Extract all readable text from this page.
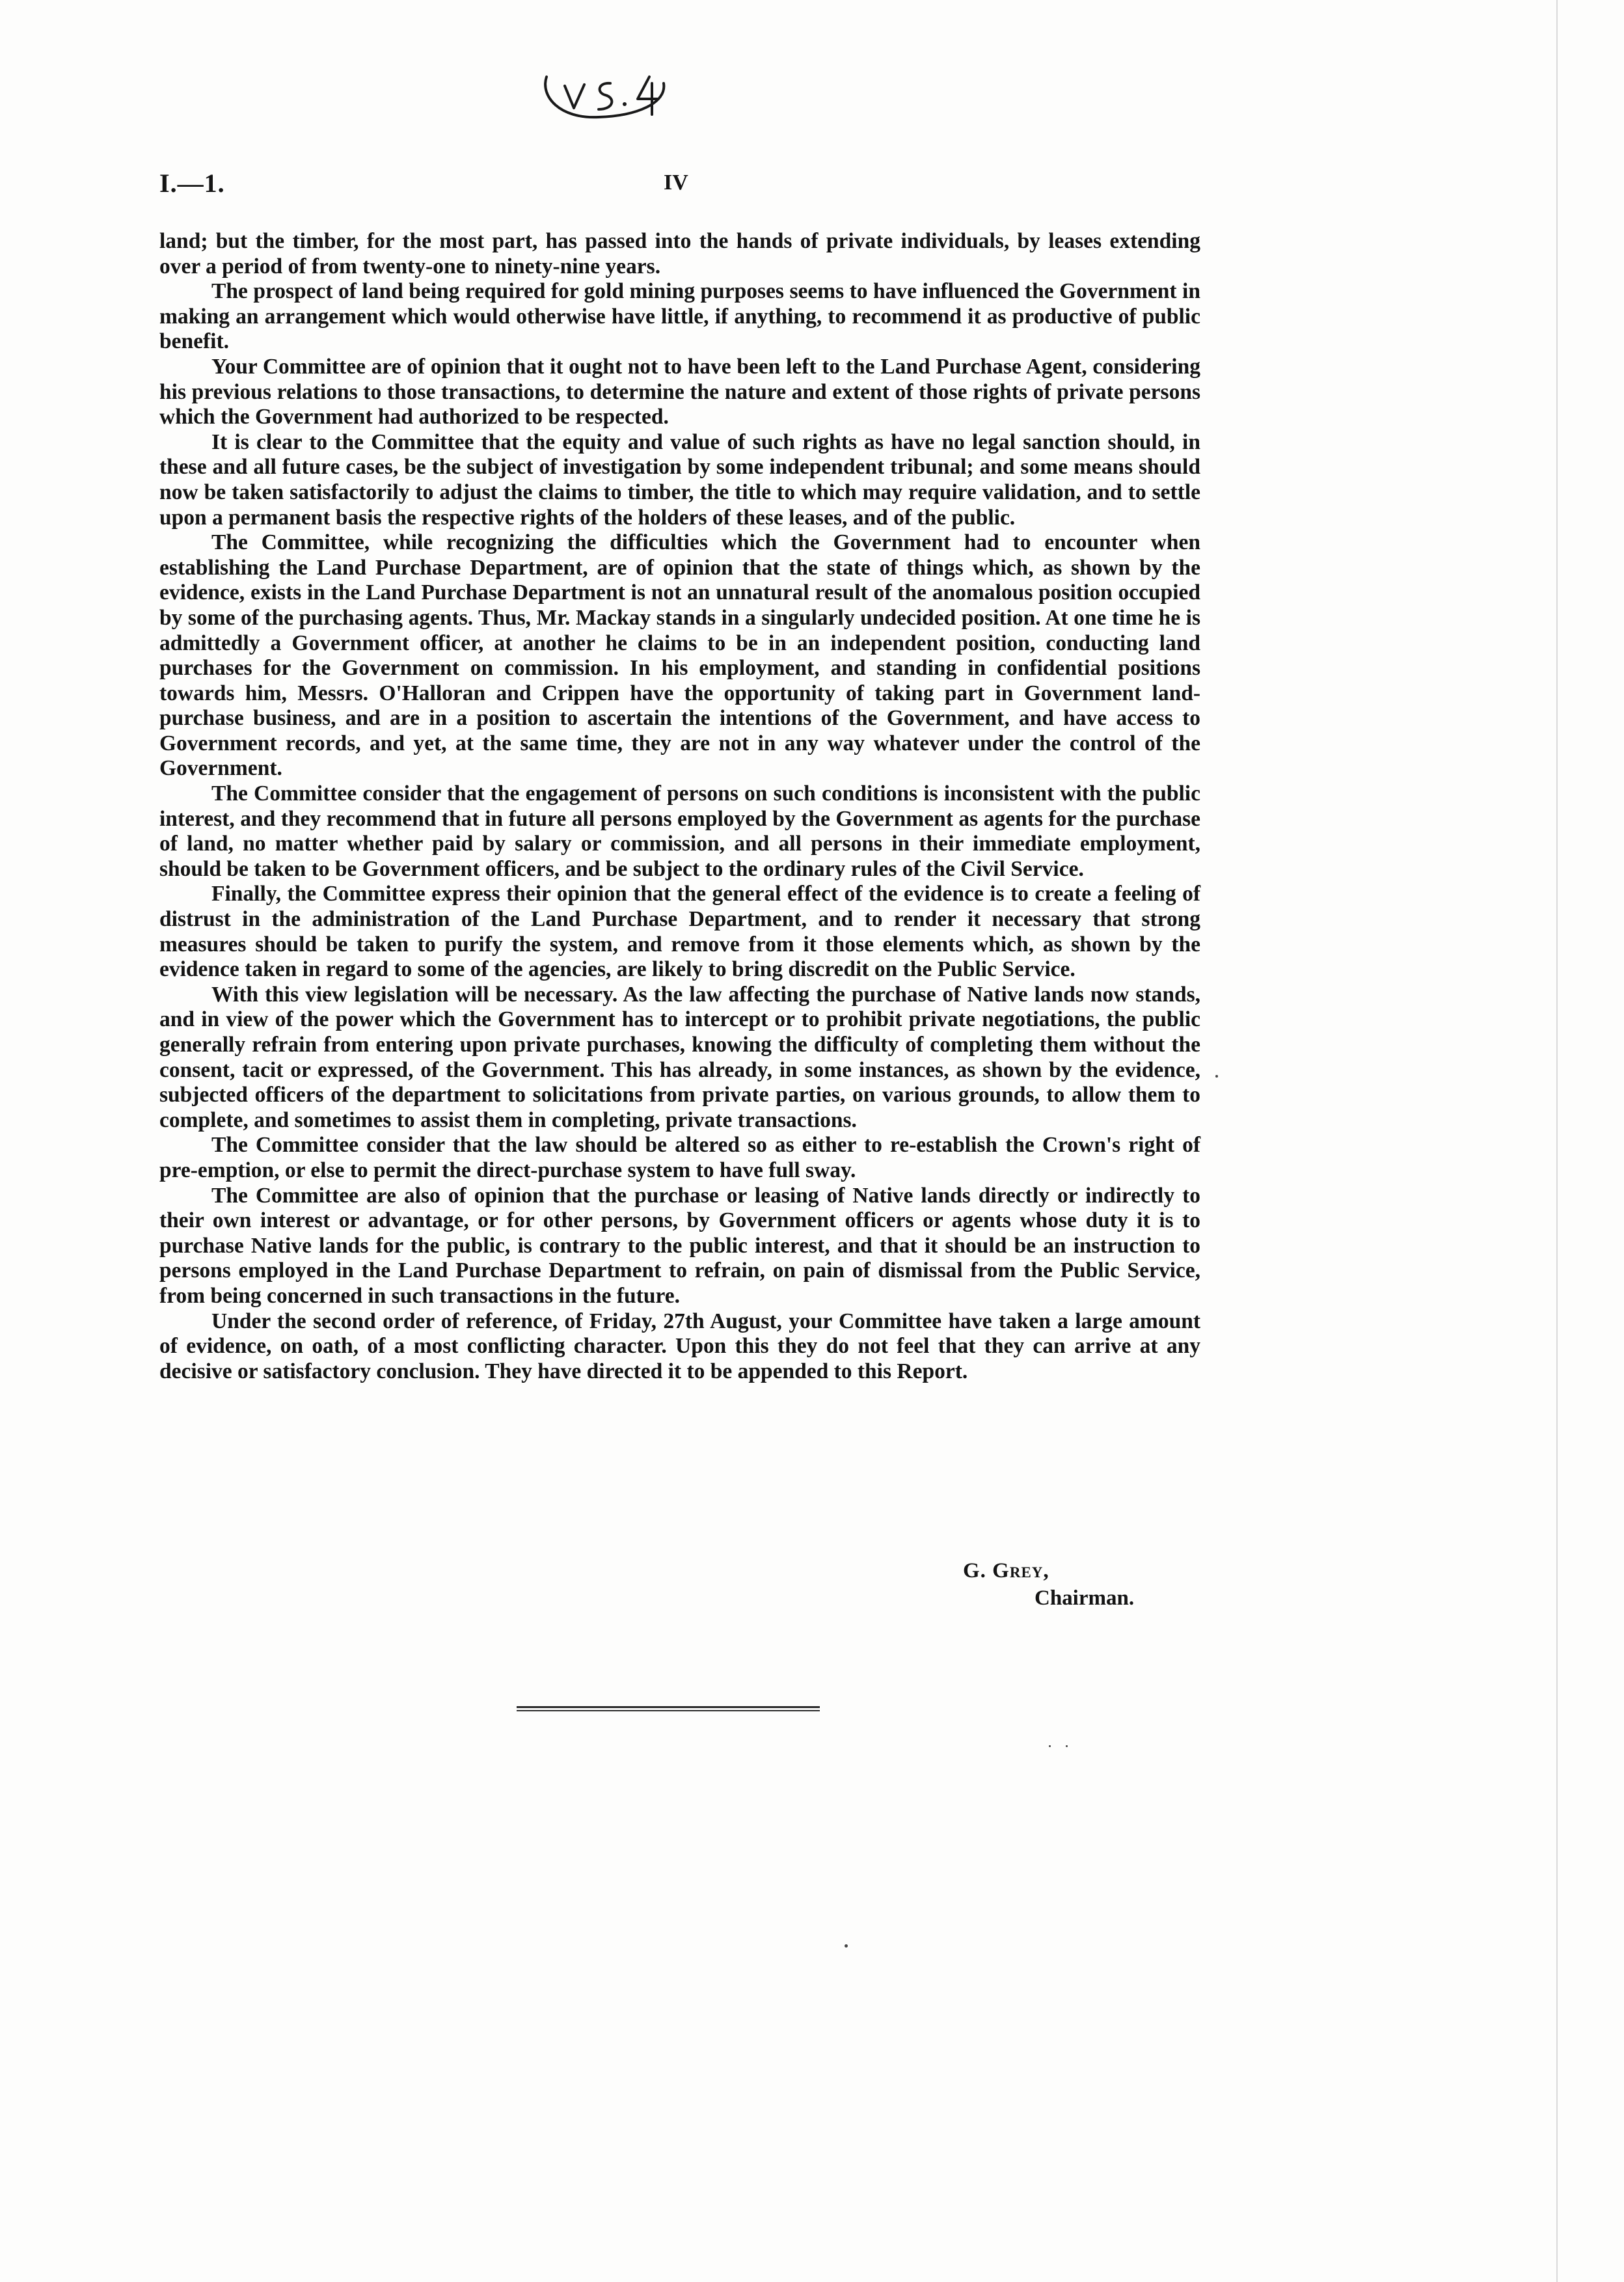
I.—1.	IV

land; but the timber, for the most part, has passed into the hands of private individuals, by leases extending over a period of from twenty-one to ninety-nine years.

The prospect of land being required for gold mining purposes seems to have influenced the Government in making an arrangement which would otherwise have little, if anything, to recommend it as productive of public benefit.

Your Committee are of opinion that it ought not to have been left to the Land Purchase Agent, considering his previous relations to those transactions, to determine the nature and extent of those rights of private persons which the Government had authorized to be respected.

It is clear to the Committee that the equity and value of such rights as have no legal sanction should, in these and all future cases, be the subject of investigation by some independent tribunal; and some means should now be taken satisfactorily to adjust the claims to timber, the title to which may require validation, and to settle upon a permanent basis the respective rights of the holders of these leases, and of the public.

The Committee, while recognizing the difficulties which the Government had to encounter when establishing the Land Purchase Department, are of opinion that the state of things which, as shown by the evidence, exists in the Land Purchase Department is not an unnatural result of the anomalous position occupied by some of the purchasing agents. Thus, Mr. Mackay stands in a singularly undecided position. At one time he is admittedly a Government officer, at another he claims to be in an independent position, conducting land purchases for the Government on commission. In his employment, and standing in confidential positions towards him, Messrs. O'Halloran and Crippen have the opportunity of taking part in Government land-purchase business, and are in a position to ascertain the intentions of the Government, and have access to Government records, and yet, at the same time, they are not in any way whatever under the control of the Government.

The Committee consider that the engagement of persons on such conditions is inconsistent with the public interest, and they recommend that in future all persons employed by the Government as agents for the purchase of land, no matter whether paid by salary or commission, and all persons in their immediate employment, should be taken to be Government officers, and be subject to the ordinary rules of the Civil Service.

Finally, the Committee express their opinion that the general effect of the evidence is to create a feeling of distrust in the administration of the Land Purchase Department, and to render it necessary that strong measures should be taken to purify the system, and remove from it those elements which, as shown by the evidence taken in regard to some of the agencies, are likely to bring discredit on the Public Service.

With this view legislation will be necessary. As the law affecting the purchase of Native lands now stands, and in view of the power which the Government has to intercept or to prohibit private negotiations, the public generally refrain from entering upon private purchases, knowing the difficulty of completing them without the consent, tacit or expressed, of the Government. This has already, in some instances, as shown by the evidence, subjected officers of the department to solicitations from private parties, on various grounds, to allow them to complete, and sometimes to assist them in completing, private transactions.

The Committee consider that the law should be altered so as either to re-establish the Crown's right of pre-emption, or else to permit the direct-purchase system to have full sway.

The Committee are also of opinion that the purchase or leasing of Native lands directly or indirectly to their own interest or advantage, or for other persons, by Government officers or agents whose duty it is to purchase Native lands for the public, is contrary to the public interest, and that it should be an instruction to persons employed in the Land Purchase Department to refrain, on pain of dismissal from the Public Service, from being concerned in such transactions in the future.

Under the second order of reference, of Friday, 27th August, your Committee have taken a large amount of evidence, on oath, of a most conflicting character. Upon this they do not feel that they can arrive at any decisive or satisfactory conclusion. They have directed it to be appended to this Report.

G. Grey,
Chairman.
